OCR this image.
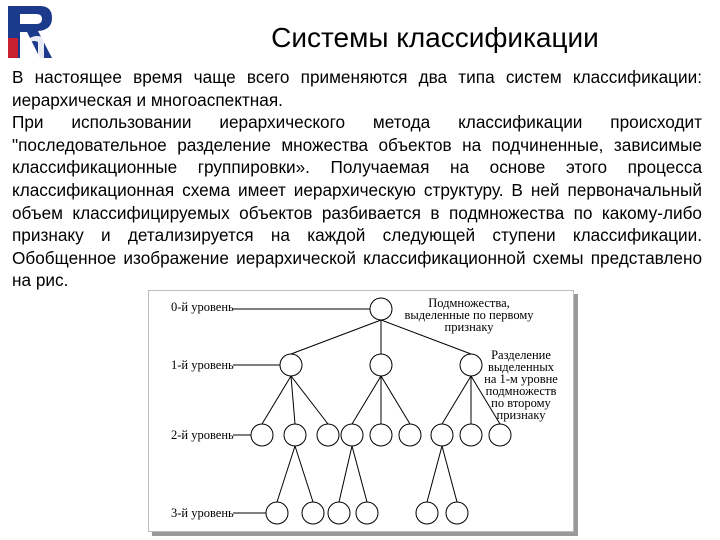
Системы классификации

В настоящее время чаще всего применяются два типа систем классификации: иерархическая и многоаспектная.

При использовании иерархического метода классификации происходит "последовательное разделение множества объектов на подчиненные, зависимые классификационные группировки». Получаемая на основе этого процесса классификационная схема имеет иерархическую структуру. В ней первоначальный объем классифицируемых объектов разбивается в подмножества по какому-либо признаку и детализируется на каждой следующей ступени классификации. Обобщенное изображение иерархической классификационной схемы представлено на рис.

0-й уровень
1-й уровень
2-й уровень
3-й уровень
Подмножества,
выделенные по первому
признаку
Разделение
выделенных
на 1-м уровне
подмножеств
по второму
признаку
